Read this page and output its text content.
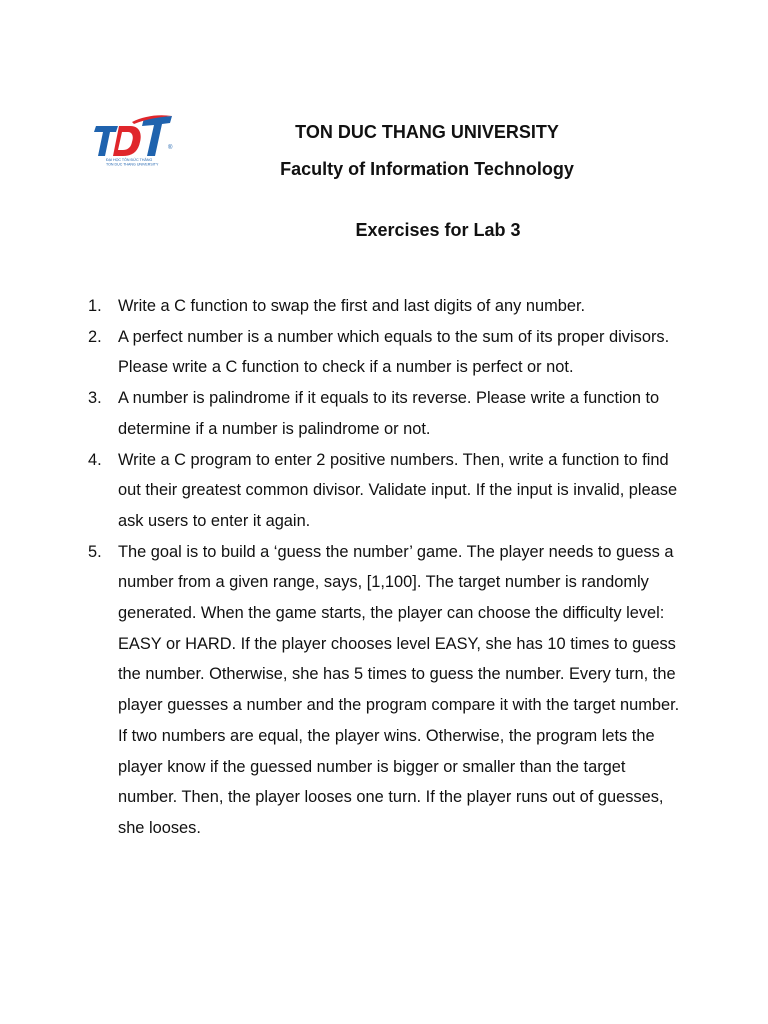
®
ĐẠI HỌC TÔN ĐỨC THẮNG
TON DUC THANG UNIVERSITY
TON DUC THANG UNIVERSITY
Faculty of Information Technology
Exercises for Lab 3
1. Write a C function to swap the first and last digits of any number.
2. A perfect number is a number which equals to the sum of its proper divisors. Please write a C function to check if a number is perfect or not.
3. A number is palindrome if it equals to its reverse. Please write a function to determine if a number is palindrome or not.
4. Write a C program to enter 2 positive numbers. Then, write a function to find out their greatest common divisor. Validate input. If the input is invalid, please ask users to enter it again.
5. The goal is to build a ‘guess the number’ game. The player needs to guess a number from a given range, says, [1,100]. The target number is randomly generated. When the game starts, the player can choose the difficulty level: EASY or HARD. If the player chooses level EASY, she has 10 times to guess the number. Otherwise, she has 5 times to guess the number. Every turn, the player guesses a number and the program compare it with the target number. If two numbers are equal, the player wins. Otherwise, the program lets the player know if the guessed number is bigger or smaller than the target number. Then, the player looses one turn. If the player runs out of guesses, she looses.
